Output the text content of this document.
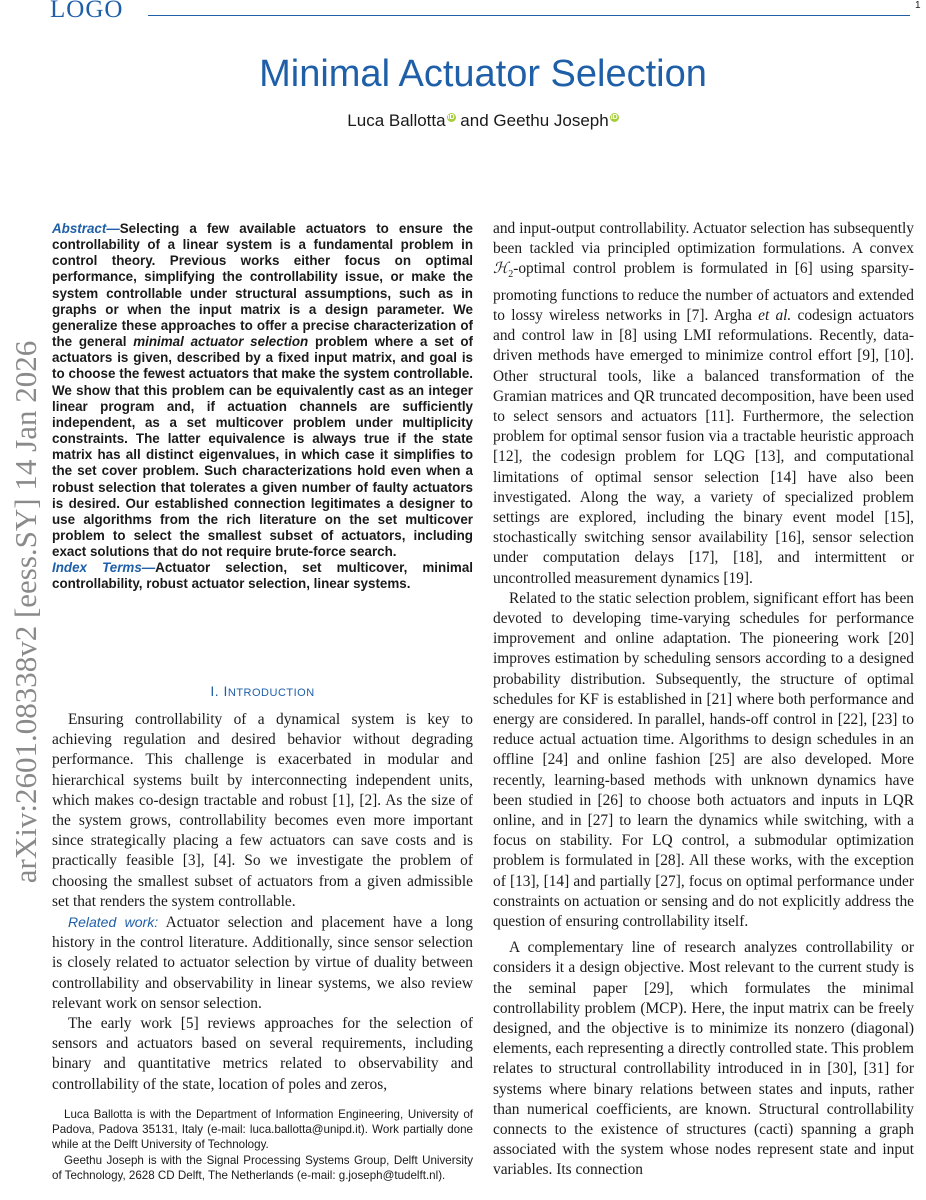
LOGO	1
arXiv:2601.08338v2 [eess.SY] 14 Jan 2026
Minimal Actuator Selection
Luca Ballotta iD and Geethu Joseph iD
Abstract—Selecting a few available actuators to ensure the controllability of a linear system is a fundamental problem in control theory. Previous works either focus on optimal performance, simplifying the controllability issue, or make the system controllable under structural assumptions, such as in graphs or when the input matrix is a design parameter. We generalize these approaches to offer a precise characterization of the general minimal actuator selection problem where a set of actuators is given, described by a fixed input matrix, and goal is to choose the fewest actuators that make the system controllable. We show that this problem can be equivalently cast as an integer linear program and, if actuation channels are sufficiently independent, as a set multicover problem under multiplicity constraints. The latter equivalence is always true if the state matrix has all distinct eigenvalues, in which case it simplifies to the set cover problem. Such characterizations hold even when a robust selection that tolerates a given number of faulty actuators is desired. Our established connection legitimates a designer to use algorithms from the rich literature on the set multicover problem to select the smallest subset of actuators, including exact solutions that do not require brute-force search.
Index Terms—Actuator selection, set multicover, minimal controllability, robust actuator selection, linear systems.
I. INTRODUCTION

Ensuring controllability of a dynamical system is key to achieving regulation and desired behavior without degrading performance. This challenge is exacerbated in modular and hierarchical systems built by interconnecting independent units, which makes co-design tractable and robust [1], [2]. As the size of the system grows, controllability becomes even more important since strategically placing a few actuators can save costs and is practically feasible [3], [4]. So we investigate the problem of choosing the smallest subset of actuators from a given admissible set that renders the system controllable.

Related work: Actuator selection and placement have a long history in the control literature. Additionally, since sensor selection is closely related to actuator selection by virtue of duality between controllability and observability in linear systems, we also review relevant work on sensor selection.

The early work [5] reviews approaches for the selection of sensors and actuators based on several requirements, including binary and quantitative metrics related to observability and controllability of the state, location of poles and zeros,

Luca Ballotta is with the Department of Information Engineering, University of Padova, Padova 35131, Italy (e-mail: luca.ballotta@unipd.it). Work partially done while at the Delft University of Technology.
Geethu Joseph is with the Signal Processing Systems Group, Delft University of Technology, 2628 CD Delft, The Netherlands (e-mail: g.joseph@tudelft.nl).

and input-output controllability. Actuator selection has subsequently been tackled via principled optimization formulations. A convex ℋ$_2$-optimal control problem is formulated in [6] using sparsity-promoting functions to reduce the number of actuators and extended to lossy wireless networks in [7]. Argha et al. codesign actuators and control law in [8] using LMI reformulations. Recently, data-driven methods have emerged to minimize control effort [9], [10]. Other structural tools, like a balanced transformation of the Gramian matrices and QR truncated decomposition, have been used to select sensors and actuators [11]. Furthermore, the selection problem for optimal sensor fusion via a tractable heuristic approach [12], the codesign problem for LQG [13], and computational limitations of optimal sensor selection [14] have also been investigated. Along the way, a variety of specialized problem settings are explored, including the binary event model [15], stochastically switching sensor availability [16], sensor selection under computation delays [17], [18], and intermittent or uncontrolled measurement dynamics [19].

Related to the static selection problem, significant effort has been devoted to developing time-varying schedules for performance improvement and online adaptation. The pioneering work [20] improves estimation by scheduling sensors according to a designed probability distribution. Subsequently, the structure of optimal schedules for KF is established in [21] where both performance and energy are considered. In parallel, hands-off control in [22], [23] to reduce actual actuation time. Algorithms to design schedules in an offline [24] and online fashion [25] are also developed. More recently, learning-based methods with unknown dynamics have been studied in [26] to choose both actuators and inputs in LQR online, and in [27] to learn the dynamics while switching, with a focus on stability. For LQ control, a submodular optimization problem is formulated in [28]. All these works, with the exception of [13], [14] and partially [27], focus on optimal performance under constraints on actuation or sensing and do not explicitly address the question of ensuring controllability itself.

A complementary line of research analyzes controllability or considers it a design objective. Most relevant to the current study is the seminal paper [29], which formulates the minimal controllability problem (MCP). Here, the input matrix can be freely designed, and the objective is to minimize its nonzero (diagonal) elements, each representing a directly controlled state. This problem relates to structural controllability introduced in in [30], [31] for systems where binary relations between states and inputs, rather than numerical coefficients, are known. Structural controllability connects to the existence of structures (cacti) spanning a graph associated with the system whose nodes represent state and input variables. Its connection
